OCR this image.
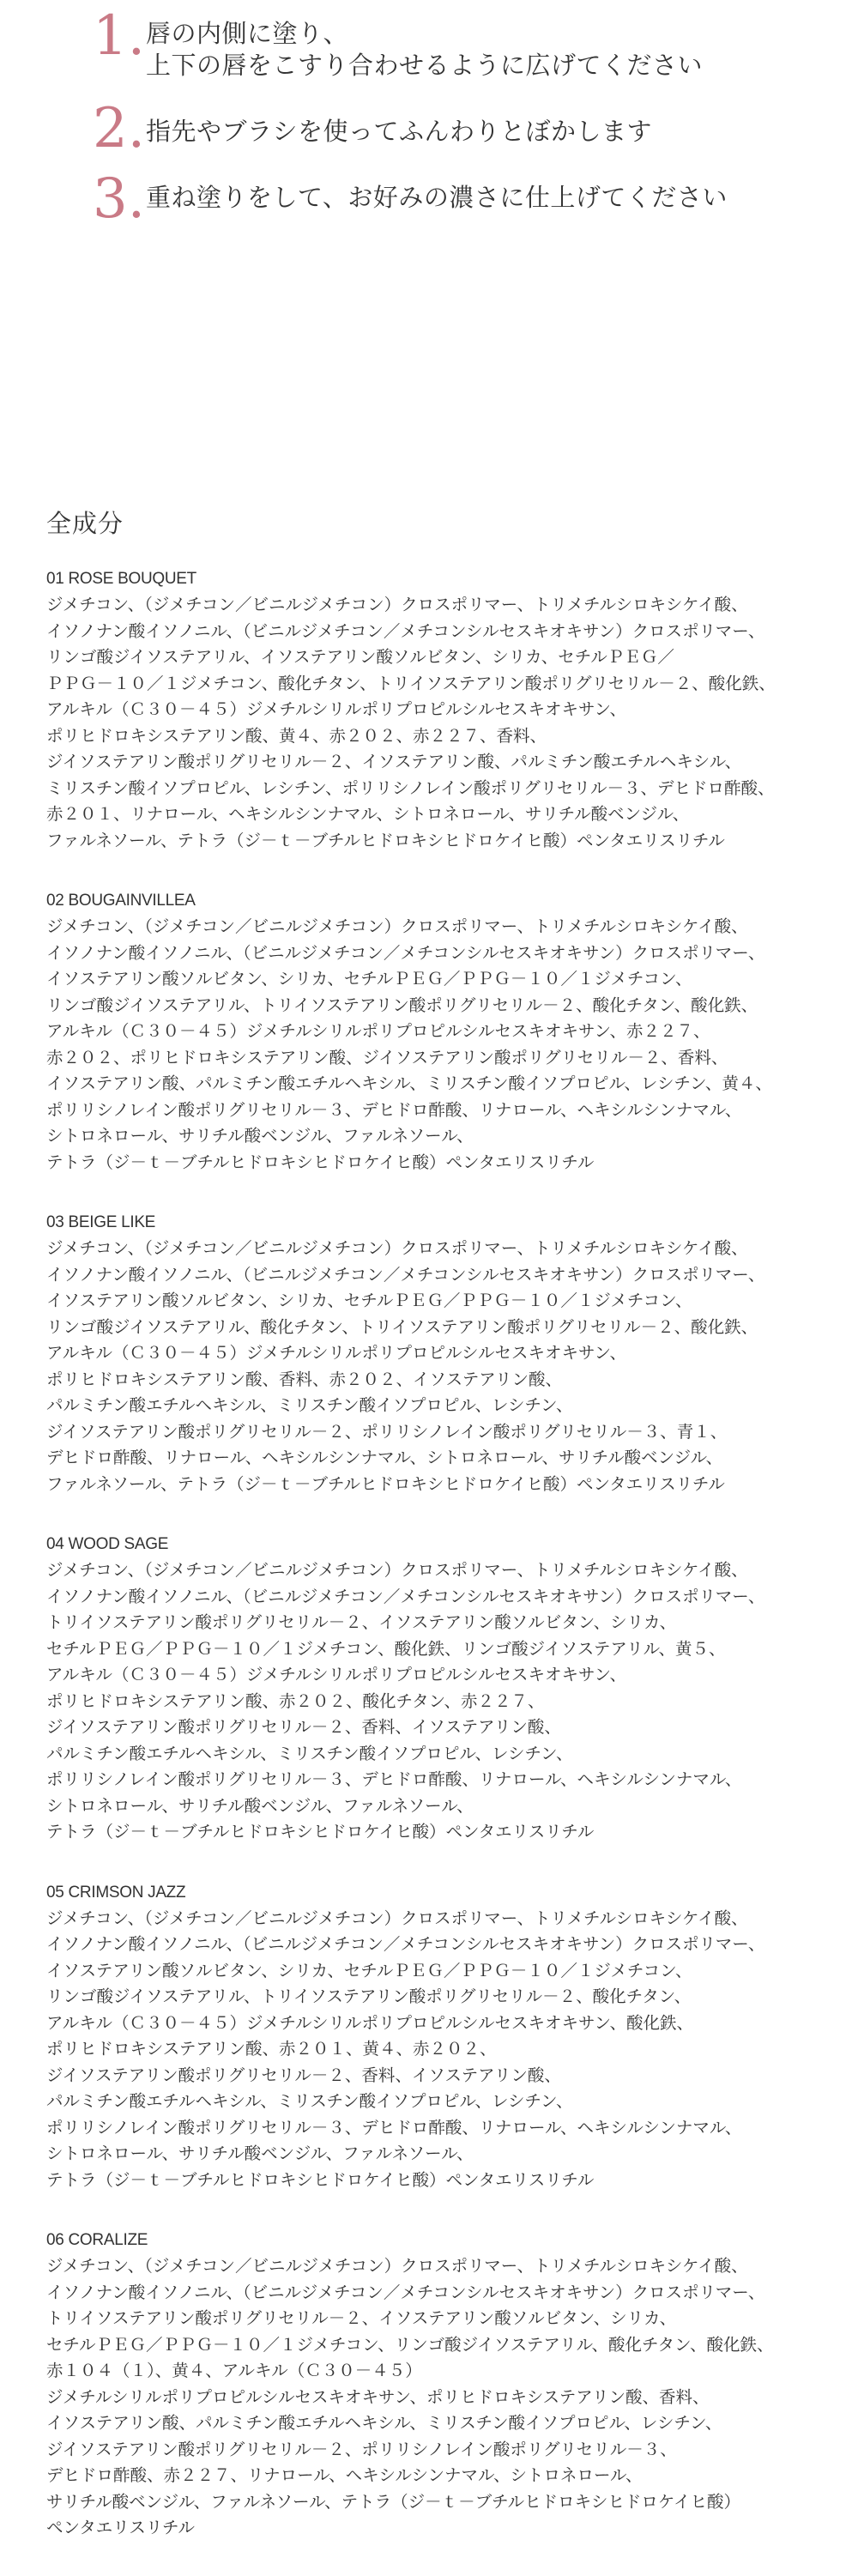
1. 唇の内側に塗り、
上下の唇をこすり合わせるように広げてください
2. 指先やブラシを使ってふんわりとぼかします
3. 重ね塗りをして、お好みの濃さに仕上げてください
全成分
01 ROSE BOUQUET
ジメチコン、（ジメチコン／ビニルジメチコン）クロスポリマー、トリメチルシロキシケイ酸、
イソノナン酸イソノニル、（ビニルジメチコン／メチコンシルセスキオキサン）クロスポリマー、
リンゴ酸ジイソステアリル、イソステアリン酸ソルビタン、シリカ、セチルＰＥＧ／
ＰＰＧ－１０／１ジメチコン、酸化チタン、トリイソステアリン酸ポリグリセリル－２、酸化鉄、
アルキル（Ｃ３０－４５）ジメチルシリルポリプロピルシルセスキオキサン、
ポリヒドロキシステアリン酸、黄４、赤２０２、赤２２７、香料、
ジイソステアリン酸ポリグリセリル－２、イソステアリン酸、パルミチン酸エチルヘキシル、
ミリスチン酸イソプロピル、レシチン、ポリリシノレイン酸ポリグリセリル－３、デヒドロ酢酸、
赤２０１、リナロール、ヘキシルシンナマル、シトロネロール、サリチル酸ベンジル、
ファルネソール、テトラ（ジ－ｔ－ブチルヒドロキシヒドロケイヒ酸）ペンタエリスリチル
02 BOUGAINVILLEA
ジメチコン、（ジメチコン／ビニルジメチコン）クロスポリマー、トリメチルシロキシケイ酸、
イソノナン酸イソノニル、（ビニルジメチコン／メチコンシルセスキオキサン）クロスポリマー、
イソステアリン酸ソルビタン、シリカ、セチルＰＥＧ／ＰＰＧ－１０／１ジメチコン、
リンゴ酸ジイソステアリル、トリイソステアリン酸ポリグリセリル－２、酸化チタン、酸化鉄、
アルキル（Ｃ３０－４５）ジメチルシリルポリプロピルシルセスキオキサン、赤２２７、
赤２０２、ポリヒドロキシステアリン酸、ジイソステアリン酸ポリグリセリル－２、香料、
イソステアリン酸、パルミチン酸エチルヘキシル、ミリスチン酸イソプロピル、レシチン、黄４、
ポリリシノレイン酸ポリグリセリル－３、デヒドロ酢酸、リナロール、ヘキシルシンナマル、
シトロネロール、サリチル酸ベンジル、ファルネソール、
テトラ（ジ－ｔ－ブチルヒドロキシヒドロケイヒ酸）ペンタエリスリチル
03 BEIGE LIKE
ジメチコン、（ジメチコン／ビニルジメチコン）クロスポリマー、トリメチルシロキシケイ酸、
イソノナン酸イソノニル、（ビニルジメチコン／メチコンシルセスキオキサン）クロスポリマー、
イソステアリン酸ソルビタン、シリカ、セチルＰＥＧ／ＰＰＧ－１０／１ジメチコン、
リンゴ酸ジイソステアリル、酸化チタン、トリイソステアリン酸ポリグリセリル－２、酸化鉄、
アルキル（Ｃ３０－４５）ジメチルシリルポリプロピルシルセスキオキサン、
ポリヒドロキシステアリン酸、香料、赤２０２、イソステアリン酸、
パルミチン酸エチルヘキシル、ミリスチン酸イソプロピル、レシチン、
ジイソステアリン酸ポリグリセリル－２、ポリリシノレイン酸ポリグリセリル－３、青１、
デヒドロ酢酸、リナロール、ヘキシルシンナマル、シトロネロール、サリチル酸ベンジル、
ファルネソール、テトラ（ジ－ｔ－ブチルヒドロキシヒドロケイヒ酸）ペンタエリスリチル
04 WOOD SAGE
ジメチコン、（ジメチコン／ビニルジメチコン）クロスポリマー、トリメチルシロキシケイ酸、
イソノナン酸イソノニル、（ビニルジメチコン／メチコンシルセスキオキサン）クロスポリマー、
トリイソステアリン酸ポリグリセリル－２、イソステアリン酸ソルビタン、シリカ、
セチルＰＥＧ／ＰＰＧ－１０／１ジメチコン、酸化鉄、リンゴ酸ジイソステアリル、黄５、
アルキル（Ｃ３０－４５）ジメチルシリルポリプロピルシルセスキオキサン、
ポリヒドロキシステアリン酸、赤２０２、酸化チタン、赤２２７、
ジイソステアリン酸ポリグリセリル－２、香料、イソステアリン酸、
パルミチン酸エチルヘキシル、ミリスチン酸イソプロピル、レシチン、
ポリリシノレイン酸ポリグリセリル－３、デヒドロ酢酸、リナロール、ヘキシルシンナマル、
シトロネロール、サリチル酸ベンジル、ファルネソール、
テトラ（ジ－ｔ－ブチルヒドロキシヒドロケイヒ酸）ペンタエリスリチル
05 CRIMSON JAZZ
ジメチコン、（ジメチコン／ビニルジメチコン）クロスポリマー、トリメチルシロキシケイ酸、
イソノナン酸イソノニル、（ビニルジメチコン／メチコンシルセスキオキサン）クロスポリマー、
イソステアリン酸ソルビタン、シリカ、セチルＰＥＧ／ＰＰＧ－１０／１ジメチコン、
リンゴ酸ジイソステアリル、トリイソステアリン酸ポリグリセリル－２、酸化チタン、
アルキル（Ｃ３０－４５）ジメチルシリルポリプロピルシルセスキオキサン、酸化鉄、
ポリヒドロキシステアリン酸、赤２０１、黄４、赤２０２、
ジイソステアリン酸ポリグリセリル－２、香料、イソステアリン酸、
パルミチン酸エチルヘキシル、ミリスチン酸イソプロピル、レシチン、
ポリリシノレイン酸ポリグリセリル－３、デヒドロ酢酸、リナロール、ヘキシルシンナマル、
シトロネロール、サリチル酸ベンジル、ファルネソール、
テトラ（ジ－ｔ－ブチルヒドロキシヒドロケイヒ酸）ペンタエリスリチル
06 CORALIZE
ジメチコン、（ジメチコン／ビニルジメチコン）クロスポリマー、トリメチルシロキシケイ酸、
イソノナン酸イソノニル、（ビニルジメチコン／メチコンシルセスキオキサン）クロスポリマー、
トリイソステアリン酸ポリグリセリル－２、イソステアリン酸ソルビタン、シリカ、
セチルＰＥＧ／ＰＰＧ－１０／１ジメチコン、リンゴ酸ジイソステアリル、酸化チタン、酸化鉄、
赤１０４（１）、黄４、アルキル（Ｃ３０－４５）
ジメチルシリルポリプロピルシルセスキオキサン、ポリヒドロキシステアリン酸、香料、
イソステアリン酸、パルミチン酸エチルヘキシル、ミリスチン酸イソプロピル、レシチン、
ジイソステアリン酸ポリグリセリル－２、ポリリシノレイン酸ポリグリセリル－３、
デヒドロ酢酸、赤２２７、リナロール、ヘキシルシンナマル、シトロネロール、
サリチル酸ベンジル、ファルネソール、テトラ（ジ－ｔ－ブチルヒドロキシヒドロケイヒ酸）
ペンタエリスリチル
